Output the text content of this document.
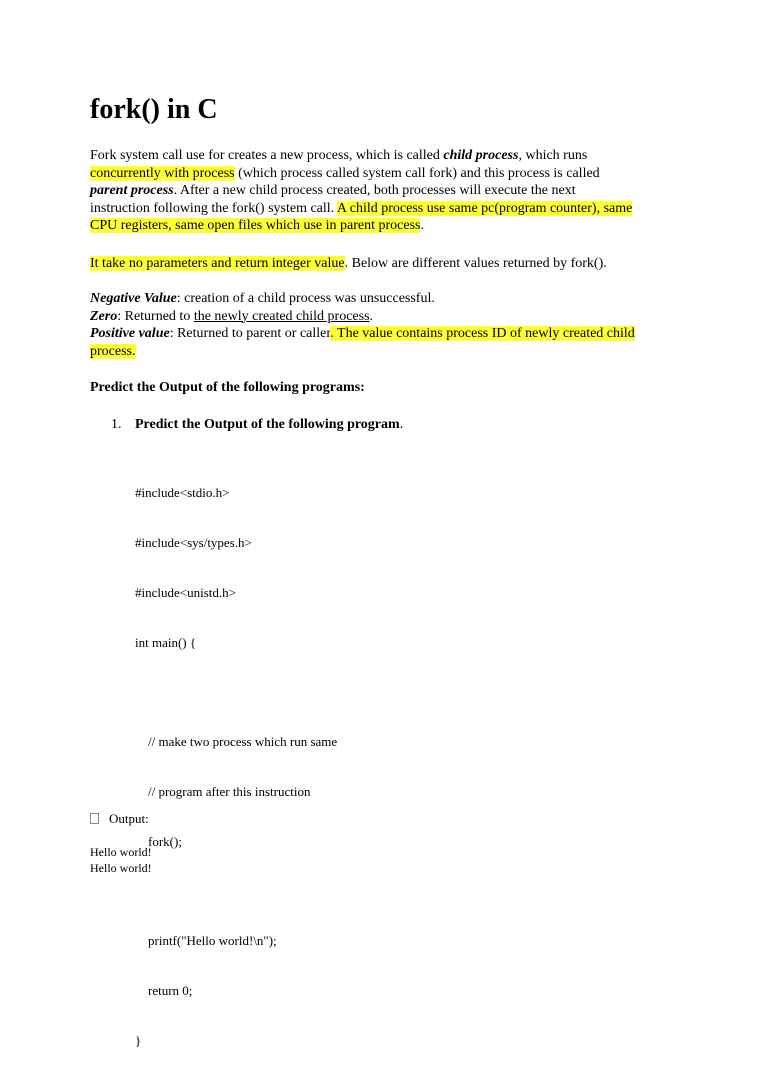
fork() in C
Fork system call use for creates a new process, which is called child process, which runs
concurrently with process (which process called system call fork) and this process is called
parent process. After a new child process created, both processes will execute the next
instruction following the fork() system call. A child process use same pc(program counter), same
CPU registers, same open files which use in parent process.
It take no parameters and return integer value. Below are different values returned by fork().
Negative Value: creation of a child process was unsuccessful.
Zero: Returned to the newly created child process.
Positive value: Returned to parent or caller. The value contains process ID of newly created child
process.
Predict the Output of the following programs:
1. Predict the Output of the following program.

#include<stdio.h>

#include<sys/types.h>

#include<unistd.h>

int main() {

// make two process which run same

// program after this instruction

fork();

printf("Hello world!\n");

return 0;

}

Output:
Hello world!
Hello world!
